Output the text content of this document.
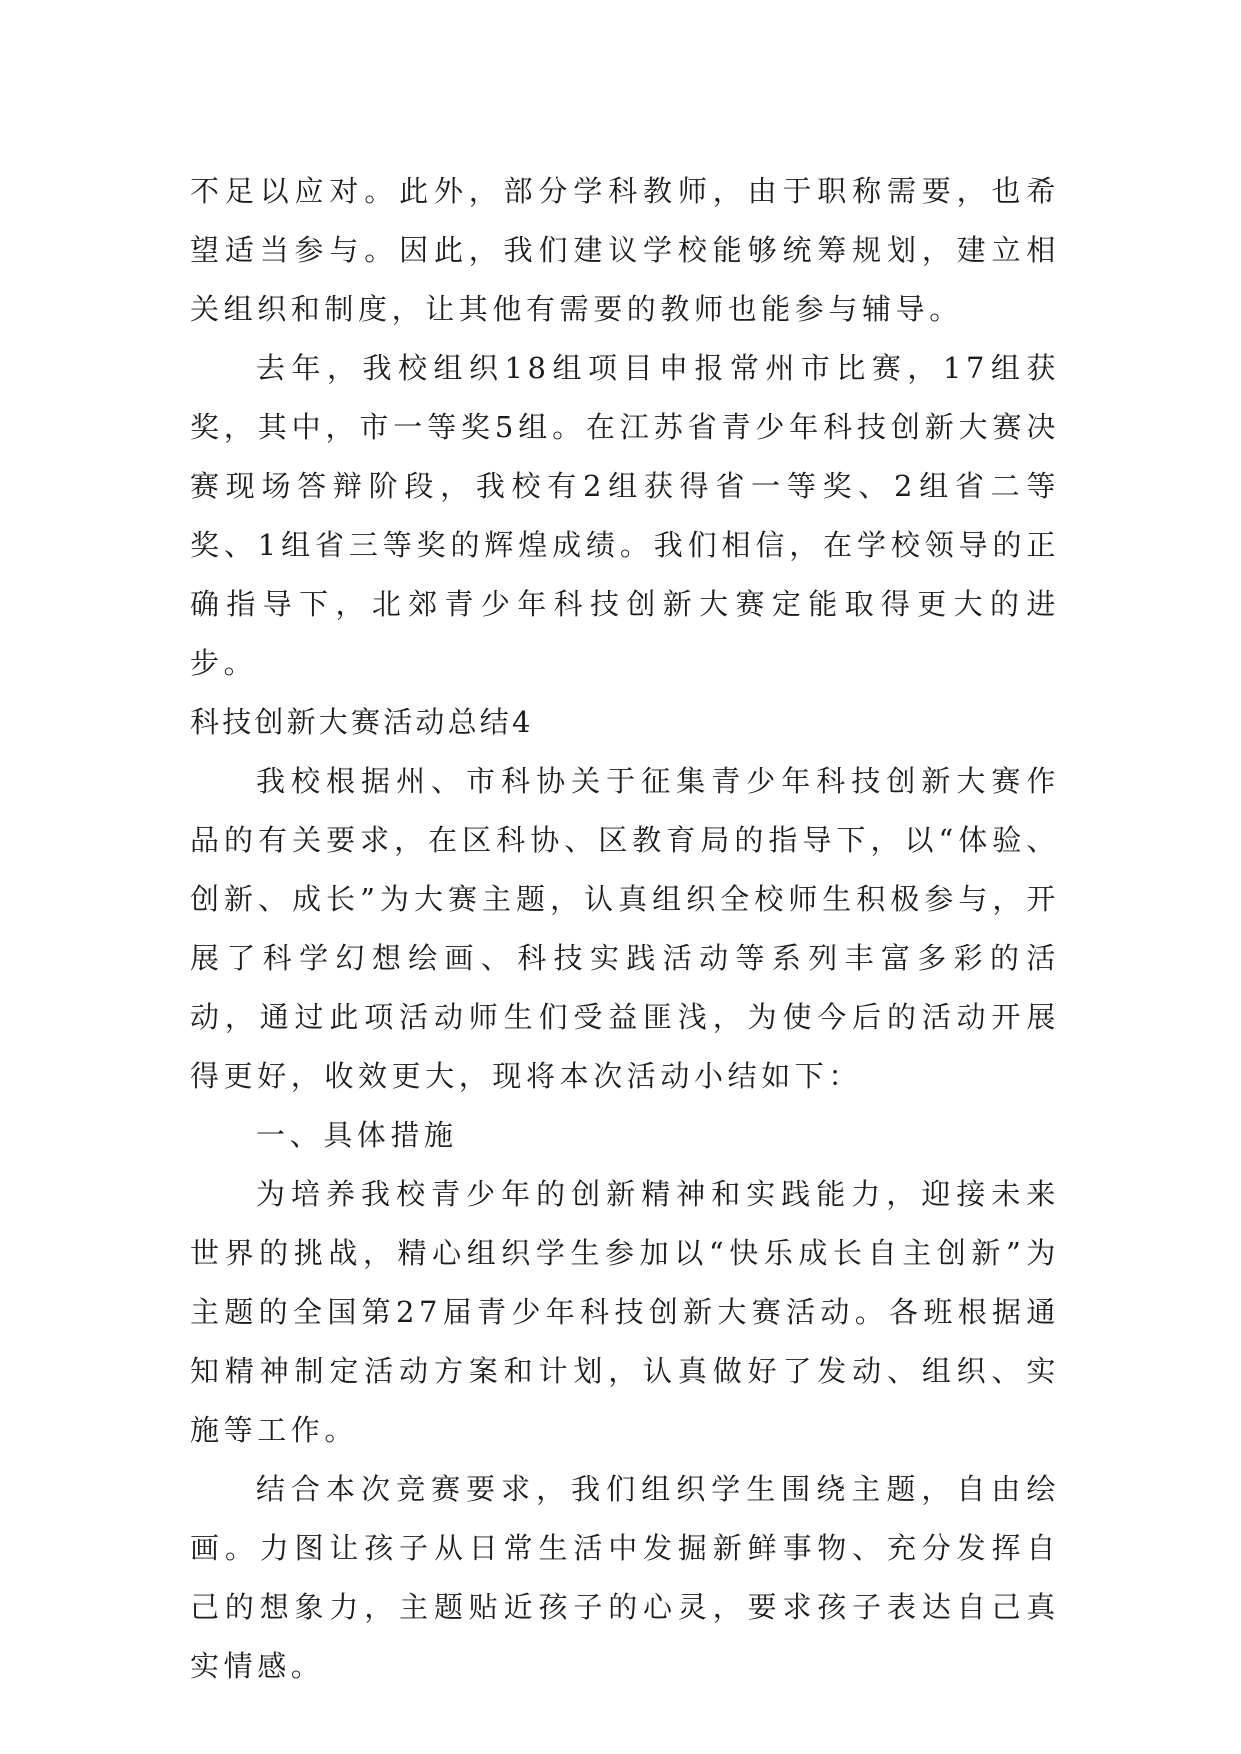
不足以应对。此外，部分学科教师，由于职称需要，也希望适当参与。因此，我们建议学校能够统筹规划，建立相关组织和制度，让其他有需要的教师也能参与辅导。

去年，我校组织18组项目申报常州市比赛，17组获奖，其中，市一等奖5组。在江苏省青少年科技创新大赛决赛现场答辩阶段，我校有2组获得省一等奖、2组省二等奖、1组省三等奖的辉煌成绩。我们相信，在学校领导的正确指导下，北郊青少年科技创新大赛定能取得更大的进步。

科技创新大赛活动总结4

我校根据州、市科协关于征集青少年科技创新大赛作品的有关要求，在区科协、区教育局的指导下，以“体验、创新、成长”为大赛主题，认真组织全校师生积极参与，开展了科学幻想绘画、科技实践活动等系列丰富多彩的活动，通过此项活动师生们受益匪浅，为使今后的活动开展得更好，收效更大，现将本次活动小结如下：

一、具体措施

为培养我校青少年的创新精神和实践能力，迎接未来世界的挑战，精心组织学生参加以“快乐成长自主创新”为主题的全国第27届青少年科技创新大赛活动。各班根据通知精神制定活动方案和计划，认真做好了发动、组织、实施等工作。

结合本次竞赛要求，我们组织学生围绕主题，自由绘画。力图让孩子从日常生活中发掘新鲜事物、充分发挥自己的想象力，主题贴近孩子的心灵，要求孩子表达自己真实情感。
